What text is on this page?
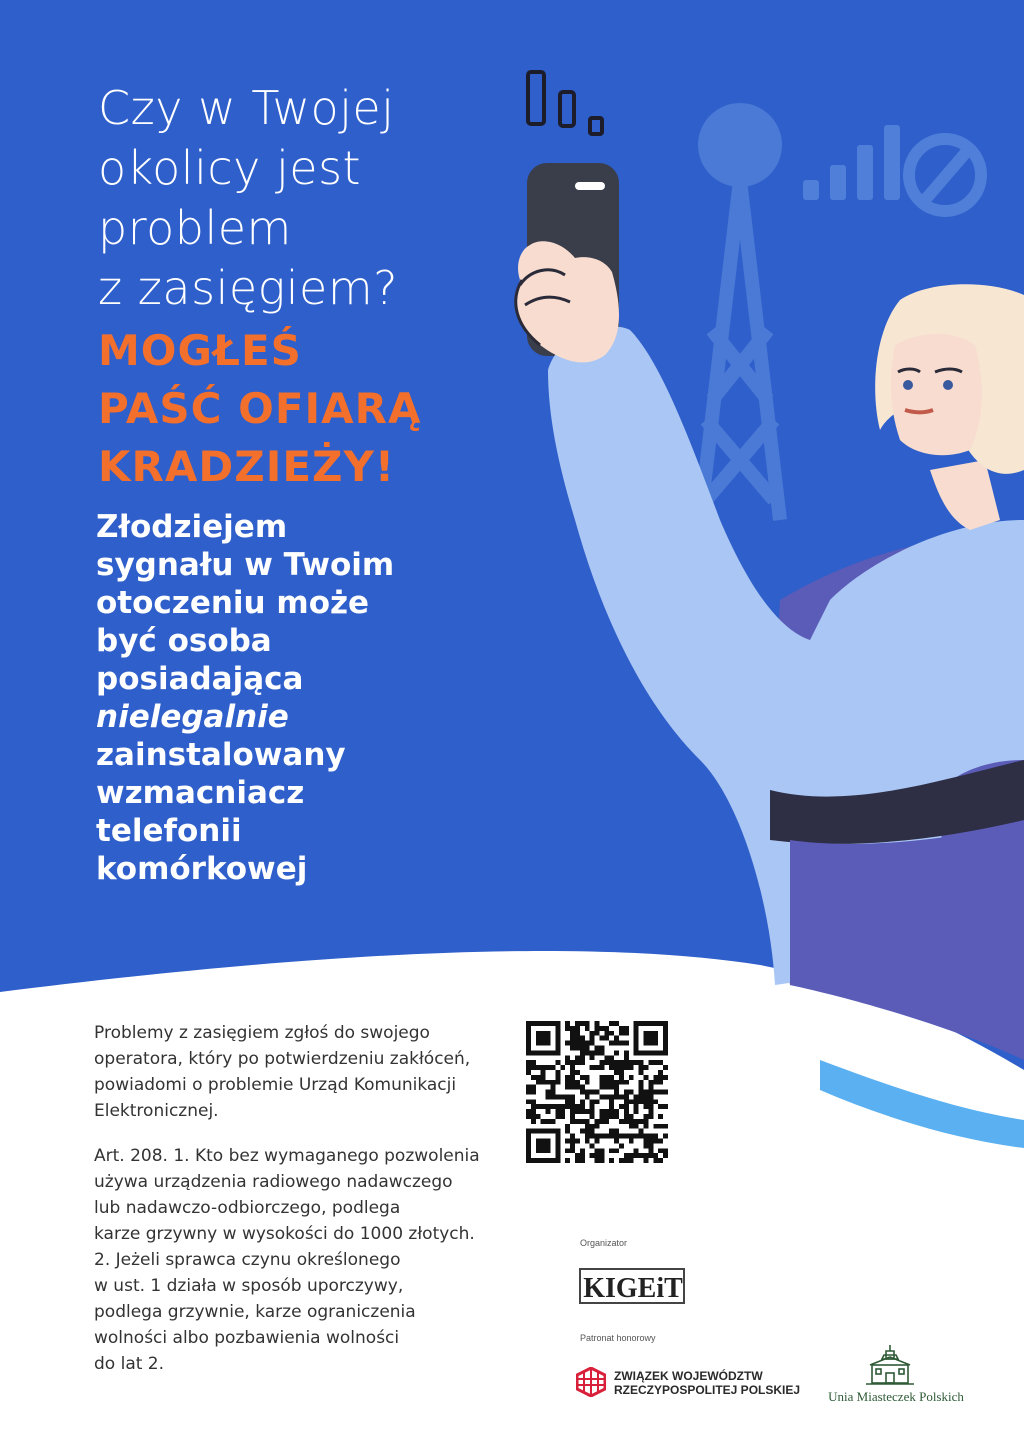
Czy w Twojej
okolicy jest
problem
z zasięgiem?
MOGŁEŚ
PAŚĆ OFIARĄ
KRADZIEŻY!

Złodziejem
sygnału w Twoim
otoczeniu może
być osoba
posiadająca
nielegalnie
zainstalowany
wzmacniacz
telefonii
komórkowej

Problemy z zasięgiem zgłoś do swojego operatora, który po potwierdzeniu zakłóceń, powiadomi o problemie Urząd Komunikacji Elektronicznej.

Art. 208. 1. Kto bez wymaganego pozwolenia
używa urządzenia radiowego nadawczego
lub nadawczo-odbiorczego, podlega
karze grzywny w wysokości do 1000 złotych.
2. Jeżeli sprawca czynu określonego
w ust. 1 działa w sposób uporczywy,
podlega grzywnie, karze ograniczenia
wolności albo pozbawienia wolności
do lat 2.

Organizator
KIGEiT
Patronat honorowy
ZWIĄZEK WOJEWÓDZTW
RZECZYPOSPOLITEJ POLSKIEJ	Unia Miasteczek Polskich
